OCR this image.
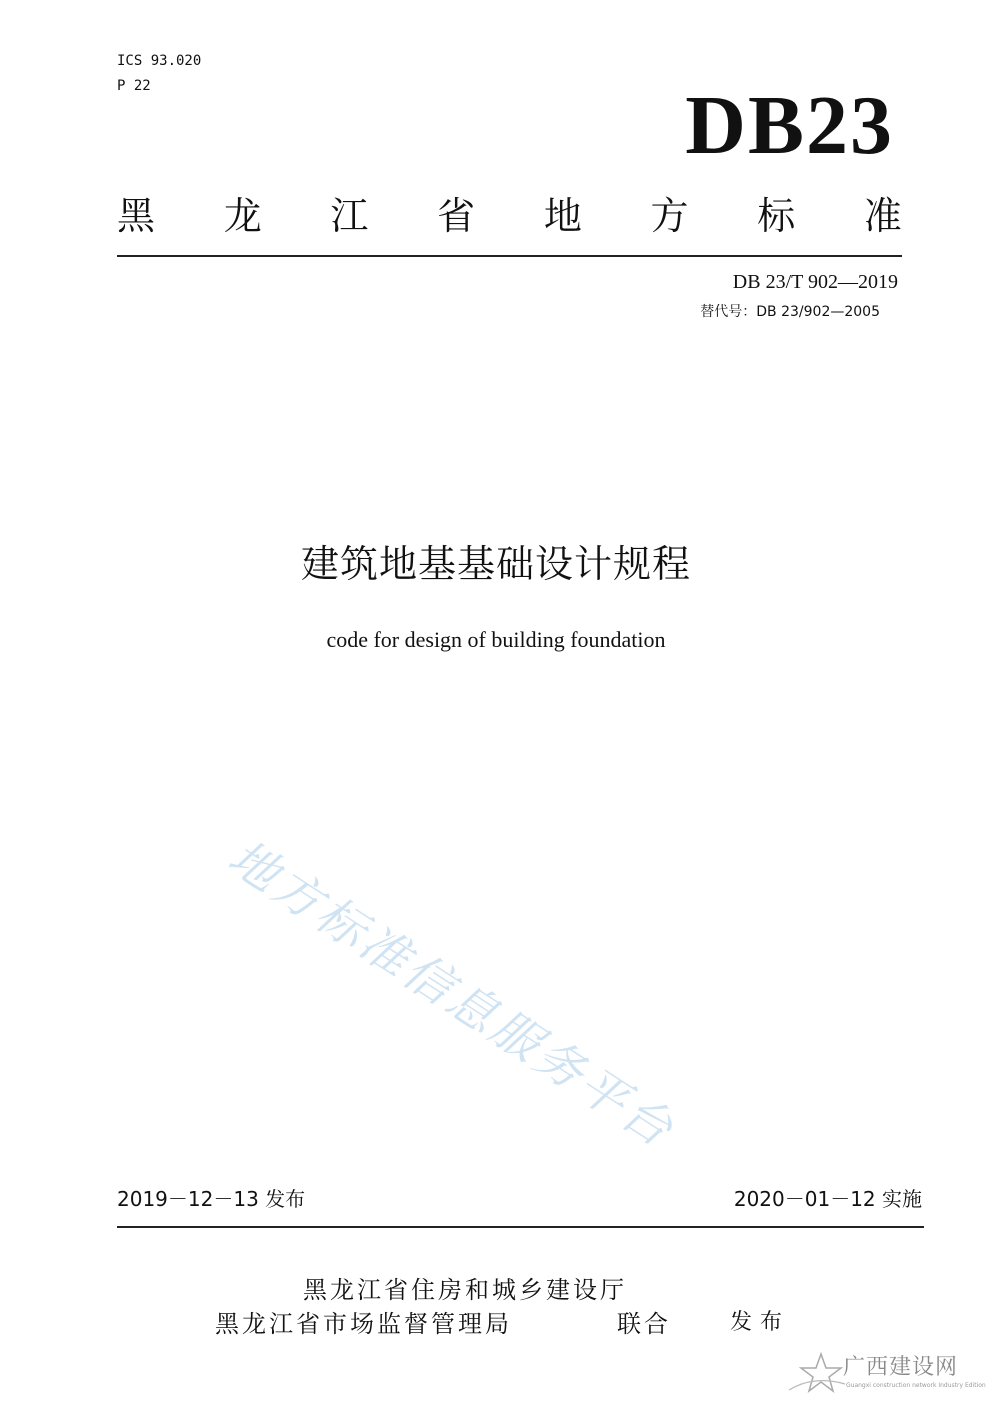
ICS 93.020
P 22	DB23
黑 龙 江 省 地 方 标 准
DB 23/T 902—2019
替代号：DB 23/902—2005
建筑地基基础设计规程
code for design of building foundation
地方标准信息服务平台
2019－12－13 发布	2020－01－12 实施
黑龙江省住房和城乡建设厅
黑龙江省市场监督管理局	联合	发布
广西建设网
Guangxi construction network Industry Edition
